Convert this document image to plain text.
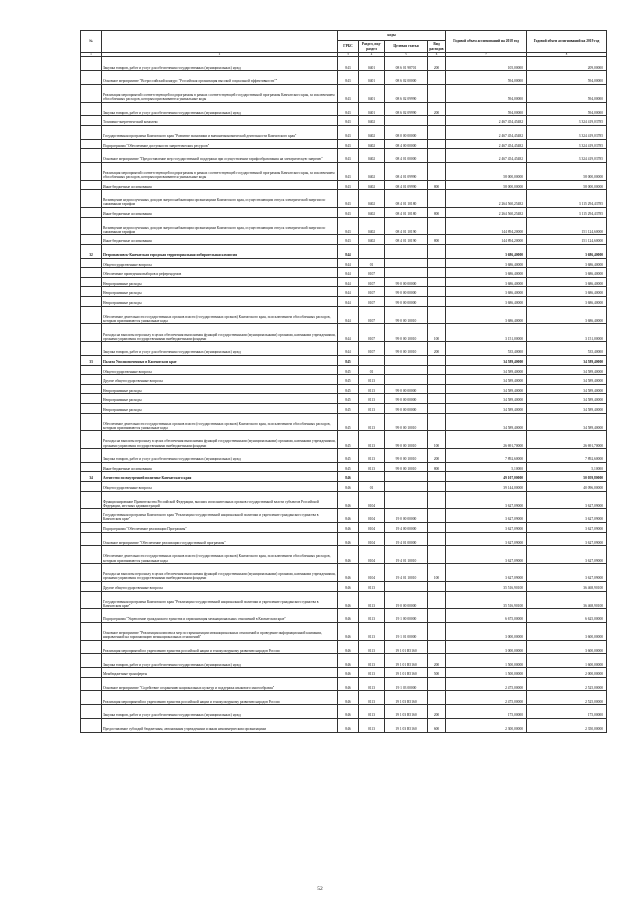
№		коды				Годовой объем ассигнований на 2018 год	Годовой объем ассигнований на 2019 год
		ГРБС	Раздел, под-раздел	Целевая статья	Вид расходов		
1	2	3	4	5	6	7	8
	Закупка товаров, работ и услуг для обеспечения государственных (муниципальных) нужд	843	0401	08 6 01 98701	200	105,00000	209,00000
	Основное мероприятие "Всероссийский конкурс "Российская организация высокой социальной эффективности""	843	0401	08 6 02 00000		594,00000	594,00000
	Реализация мероприятий соответствующей подпрограммы в рамках соответствующей государственной программы Камчатского края, за исключением обособленных расходов, которым присваиваются уникальные коды	843	0401	08 6 02 09990		594,00000	594,00000
	Закупка товаров, работ и услуг для обеспечения государственных (муниципальных) нужд	843	0401	08 6 02 09990	200	594,00000	594,00000
	Топливно-энергетический комплекс	843	0402			2 467 454,45482	3 324 419,03785
	Государственная программа Камчатского края "Развитие экономики и внешнеэкономической деятельности Камчатского края"	843	0402	08 0 00 00000		2 467 454,45482	3 324 419,03785
	Подпрограмма "Обеспечение доступности энергетических ресурсов"	843	0402	08 4 00 00000		2 467 454,45482	3 324 419,03785
	Основное мероприятие "Предоставление мер государственной поддержки при осуществлении тарифообразования на электрическую энергию"	843	0402	08 4 01 00000		2 467 454,45482	3 324 419,03785
	Реализация мероприятий соответствующей подпрограммы в рамках соответствующей государственной программы Камчатского края, за исключением обособленных расходов, которым присваиваются уникальные коды	843	0402	08 4 01 09990		58 000,00000	58 000,00000
	Иные бюджетные ассигнования	843	0402	08 4 01 09990	800	58 000,00000	58 000,00000
	Возмещение недополученных доходов энергоснабжающим организациям Камчатского края, осуществляющим отпуск электрической энергии по сниженным тарифам	843	0402	08 4 01 10180		2 264 560,25482	3 115 294,43785
	Иные бюджетные ассигнования	843	0402	08 4 01 10180	800	2 264 560,25482	3 115 294,43785
	Возмещение недополученных доходов энергоснабжающим организациям Камчатского края, осуществляющим отпуск электрической энергии по сниженным тарифам	843	0402	08 4 01 10190		144 894,20000	151 124,60000
	Иные бюджетные ассигнования	843	0402	08 4 01 10190	800	144 894,20000	151 124,60000
32	Петропавловск-Камчатская городская территориальная избирательная комиссия	844				3 686,40000	3 686,40000
	Общегосударственные вопросы	844	01			3 686,40000	3 686,40000
	Обеспечение проведения выборов и референдумов	844	0107			3 686,40000	3 686,40000
	Непрограммные расходы	844	0107	99 0 00 00000		3 686,40000	3 686,40000
	Непрограммные расходы	844	0107	99 0 00 00000		3 686,40000	3 686,40000
	Непрограммные расходы	844	0107	99 0 00 00000		3 686,40000	3 686,40000
	Обеспечение деятельности государственных органов власти (государственных органов) Камчатского края, за исключением обособленных расходов, которым присваиваются уникальные коды	844	0107	99 0 00 10010		3 686,40000	3 686,40000
	Расходы на выплаты персоналу в целях обеспечения выполнения функций государственными (муниципальными) органами, казенными учреждениями, органами управления государственными внебюджетными фондами	844	0107	99 0 00 10010	100	3 151,00000	3 151,00000
	Закупка товаров, работ и услуг для обеспечения государственных (муниципальных) нужд	844	0107	99 0 00 10010	200	535,40000	535,40000
33	Палата Уполномоченных в Камчатском крае	845				34 589,40000	34 589,40000
	Общегосударственные вопросы	845	01			34 589,40000	34 589,40000
	Другие общегосударственные вопросы	845	0113			34 589,40000	34 589,40000
	Непрограммные расходы	845	0113	99 0 00 00000		34 589,40000	34 589,40000
	Непрограммные расходы	845	0113	99 0 00 00000		34 589,40000	34 589,40000
	Непрограммные расходы	845	0113	99 0 00 00000		34 589,40000	34 589,40000
	Обеспечение деятельности государственных органов власти (государственных органов) Камчатского края, за исключением обособленных расходов, которым присваиваются уникальные коды	845	0113	99 0 00 10010		34 589,40000	34 589,40000
	Расходы на выплаты персоналу в целях обеспечения выполнения функций государственными (муниципальными) органами, казенными учреждениями, органами управления государственными внебюджетными фондами	845	0113	99 0 00 10010	100	26 691,70000	26 691,70000
	Закупка товаров, работ и услуг для обеспечения государственных (муниципальных) нужд	845	0113	99 0 00 10010	200	7 892,60000	7 892,60000
	Иные бюджетные ассигнования	845	0113	99 0 00 10010	800	5,10000	5,10000
34	Агентство по внутренней политике Камчатского края	846				49 107,00000	50 059,80000
	Общегосударственные вопросы	846	01			39 144,00000	40 096,00000
	Функционирование Правительства Российской Федерации, высших исполнительных органов государственной власти субъектов Российской Федерации, местных администраций	846	0104			3 627,09000	3 627,09000
	Государственная программа Камчатского края "Реализация государственной национальной политики и укрепление гражданского единства в Камчатском крае"	846	0104	19 0 00 00000		3 627,09000	3 627,09000
	Подпрограмма "Обеспечение реализации Программы"	846	0104	19 4 00 00000		3 627,09000	3 627,09000
	Основное мероприятие "Обеспечение реализации государственной программы"	846	0104	19 4 01 00000		3 627,09000	3 627,09000
	Обеспечение деятельности государственных органов власти (государственных органов) Камчатского края, за исключением обособленных расходов, которым присваиваются уникальные коды	846	0104	19 4 01 10010		3 627,09000	3 627,09000
	Расходы на выплаты персоналу в целях обеспечения выполнения функций государственными (муниципальными) органами, казенными учреждениями, органами управления государственными внебюджетными фондами	846	0104	19 4 01 10010	100	3 627,09000	3 627,09000
	Другие общегосударственные вопросы	846	0113			35 516,90100	36 468,90100
	Государственная программа Камчатского края "Реализация государственной национальной политики и укрепление гражданского единства в Камчатском крае"	846	0113	19 0 00 00000		35 516,90100	36 468,90100
	Подпрограмма "Укрепление гражданского единства и гармонизация межнациональных отношений в Камчатском крае"	846	0113	19 1 00 00000		6 675,00000	6 625,00000
	Основное мероприятие "Реализация комплекса мер по гармонизации межнациональных отношений и проведение информационной кампании, направленной на гармонизацию межнациональных отношений"	846	0113	19 1 01 00000		3 000,00000	3 600,00000
	Реализация мероприятий по укреплению единства российской нации и этнокультурному развитию народов России	846	0113	19 1 01 R5160		3 000,00000	3 600,00000
	Закупка товаров, работ и услуг для обеспечения государственных (муниципальных) нужд	846	0113	19 1 01 R5160	200	1 500,00000	1 600,00000
	Межбюджетные трансферты	846	0113	19 1 01 R5160	500	1 500,00000	2 000,00000
	Основное мероприятие "Содействие сохранению национальных культур и поддержка языкового многообразия"	846	0113	19 1 03 00000		2 475,00000	2 525,00000
	Реализация мероприятий по укреплению единства российской нации и этнокультурному развитию народов России	846	0113	19 1 03 R5160		2 475,00000	2 525,00000
	Закупка товаров, работ и услуг для обеспечения государственных (муниципальных) нужд	846	0113	19 1 03 R5160	200	175,00000	175,00000
	Предоставление субсидий бюджетным, автономным учреждениям и иным некоммерческим организациям	846	0113	19 1 03 R5160	600	2 300,00000	2 350,00000
52
